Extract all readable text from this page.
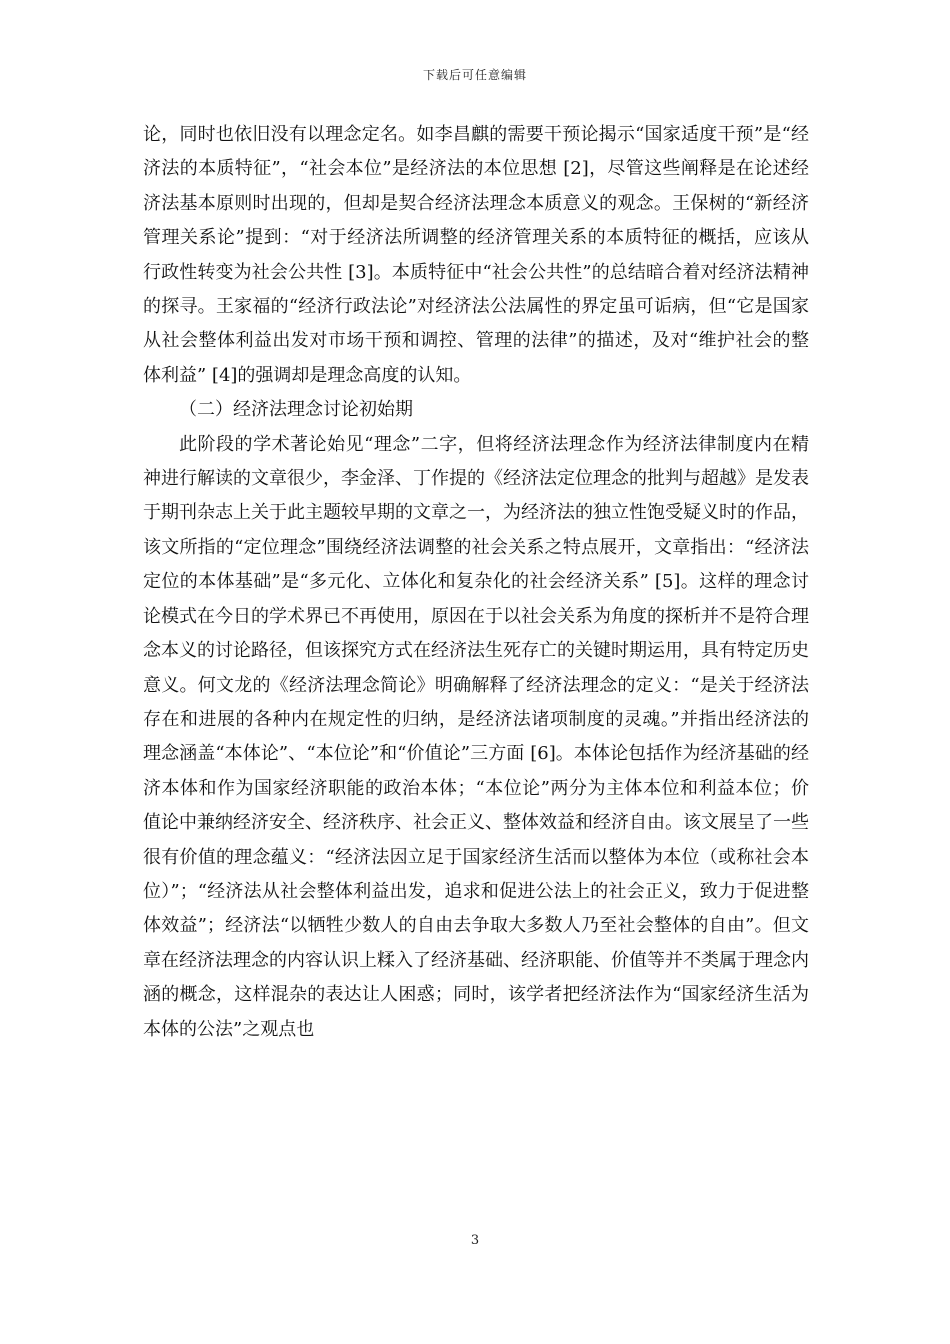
下载后可任意编辑

论，同时也依旧没有以理念定名。如李昌麒的需要干预论揭示“国家适度干预”是“经济法的本质特征”，“社会本位”是经济法的本位思想 [2]，尽管这些阐释是在论述经济法基本原则时出现的，但却是契合经济法理念本质意义的观念。王保树的“新经济管理关系论”提到：“对于经济法所调整的经济管理关系的本质特征的概括，应该从行政性转变为社会公共性 [3]。本质特征中“社会公共性”的总结暗合着对经济法精神的探寻。王家福的“经济行政法论”对经济法公法属性的界定虽可诟病，但“它是国家从社会整体利益出发对市场干预和调控、管理的法律”的描述，及对“维护社会的整体利益” [4]的强调却是理念高度的认知。

（二）经济法理念讨论初始期

此阶段的学术著论始见“理念”二字，但将经济法理念作为经济法律制度内在精神进行解读的文章很少，李金泽、丁作提的《经济法定位理念的批判与超越》是发表于期刊杂志上关于此主题较早期的文章之一，为经济法的独立性饱受疑义时的作品，该文所指的“定位理念”围绕经济法调整的社会关系之特点展开，文章指出：“经济法定位的本体基础”是“多元化、立体化和复杂化的社会经济关系” [5]。这样的理念讨论模式在今日的学术界已不再使用，原因在于以社会关系为角度的探析并不是符合理念本义的讨论路径，但该探究方式在经济法生死存亡的关键时期运用，具有特定历史意义。何文龙的《经济法理念简论》明确解释了经济法理念的定义：“是关于经济法存在和进展的各种内在规定性的归纳，是经济法诸项制度的灵魂。”并指出经济法的理念涵盖“本体论”、“本位论”和“价值论”三方面 [6]。本体论包括作为经济基础的经济本体和作为国家经济职能的政治本体；“本位论”两分为主体本位和利益本位；价值论中兼纳经济安全、经济秩序、社会正义、整体效益和经济自由。该文展呈了一些很有价值的理念蕴义：“经济法因立足于国家经济生活而以整体为本位（或称社会本位）”；“经济法从社会整体利益出发，追求和促进公法上的社会正义，致力于促进整体效益”；经济法“以牺牲少数人的自由去争取大多数人乃至社会整体的自由”。但文章在经济法理念的内容认识上糅入了经济基础、经济职能、价值等并不类属于理念内涵的概念，这样混杂的表达让人困惑；同时，该学者把经济法作为“国家经济生活为本体的公法”之观点也

3
